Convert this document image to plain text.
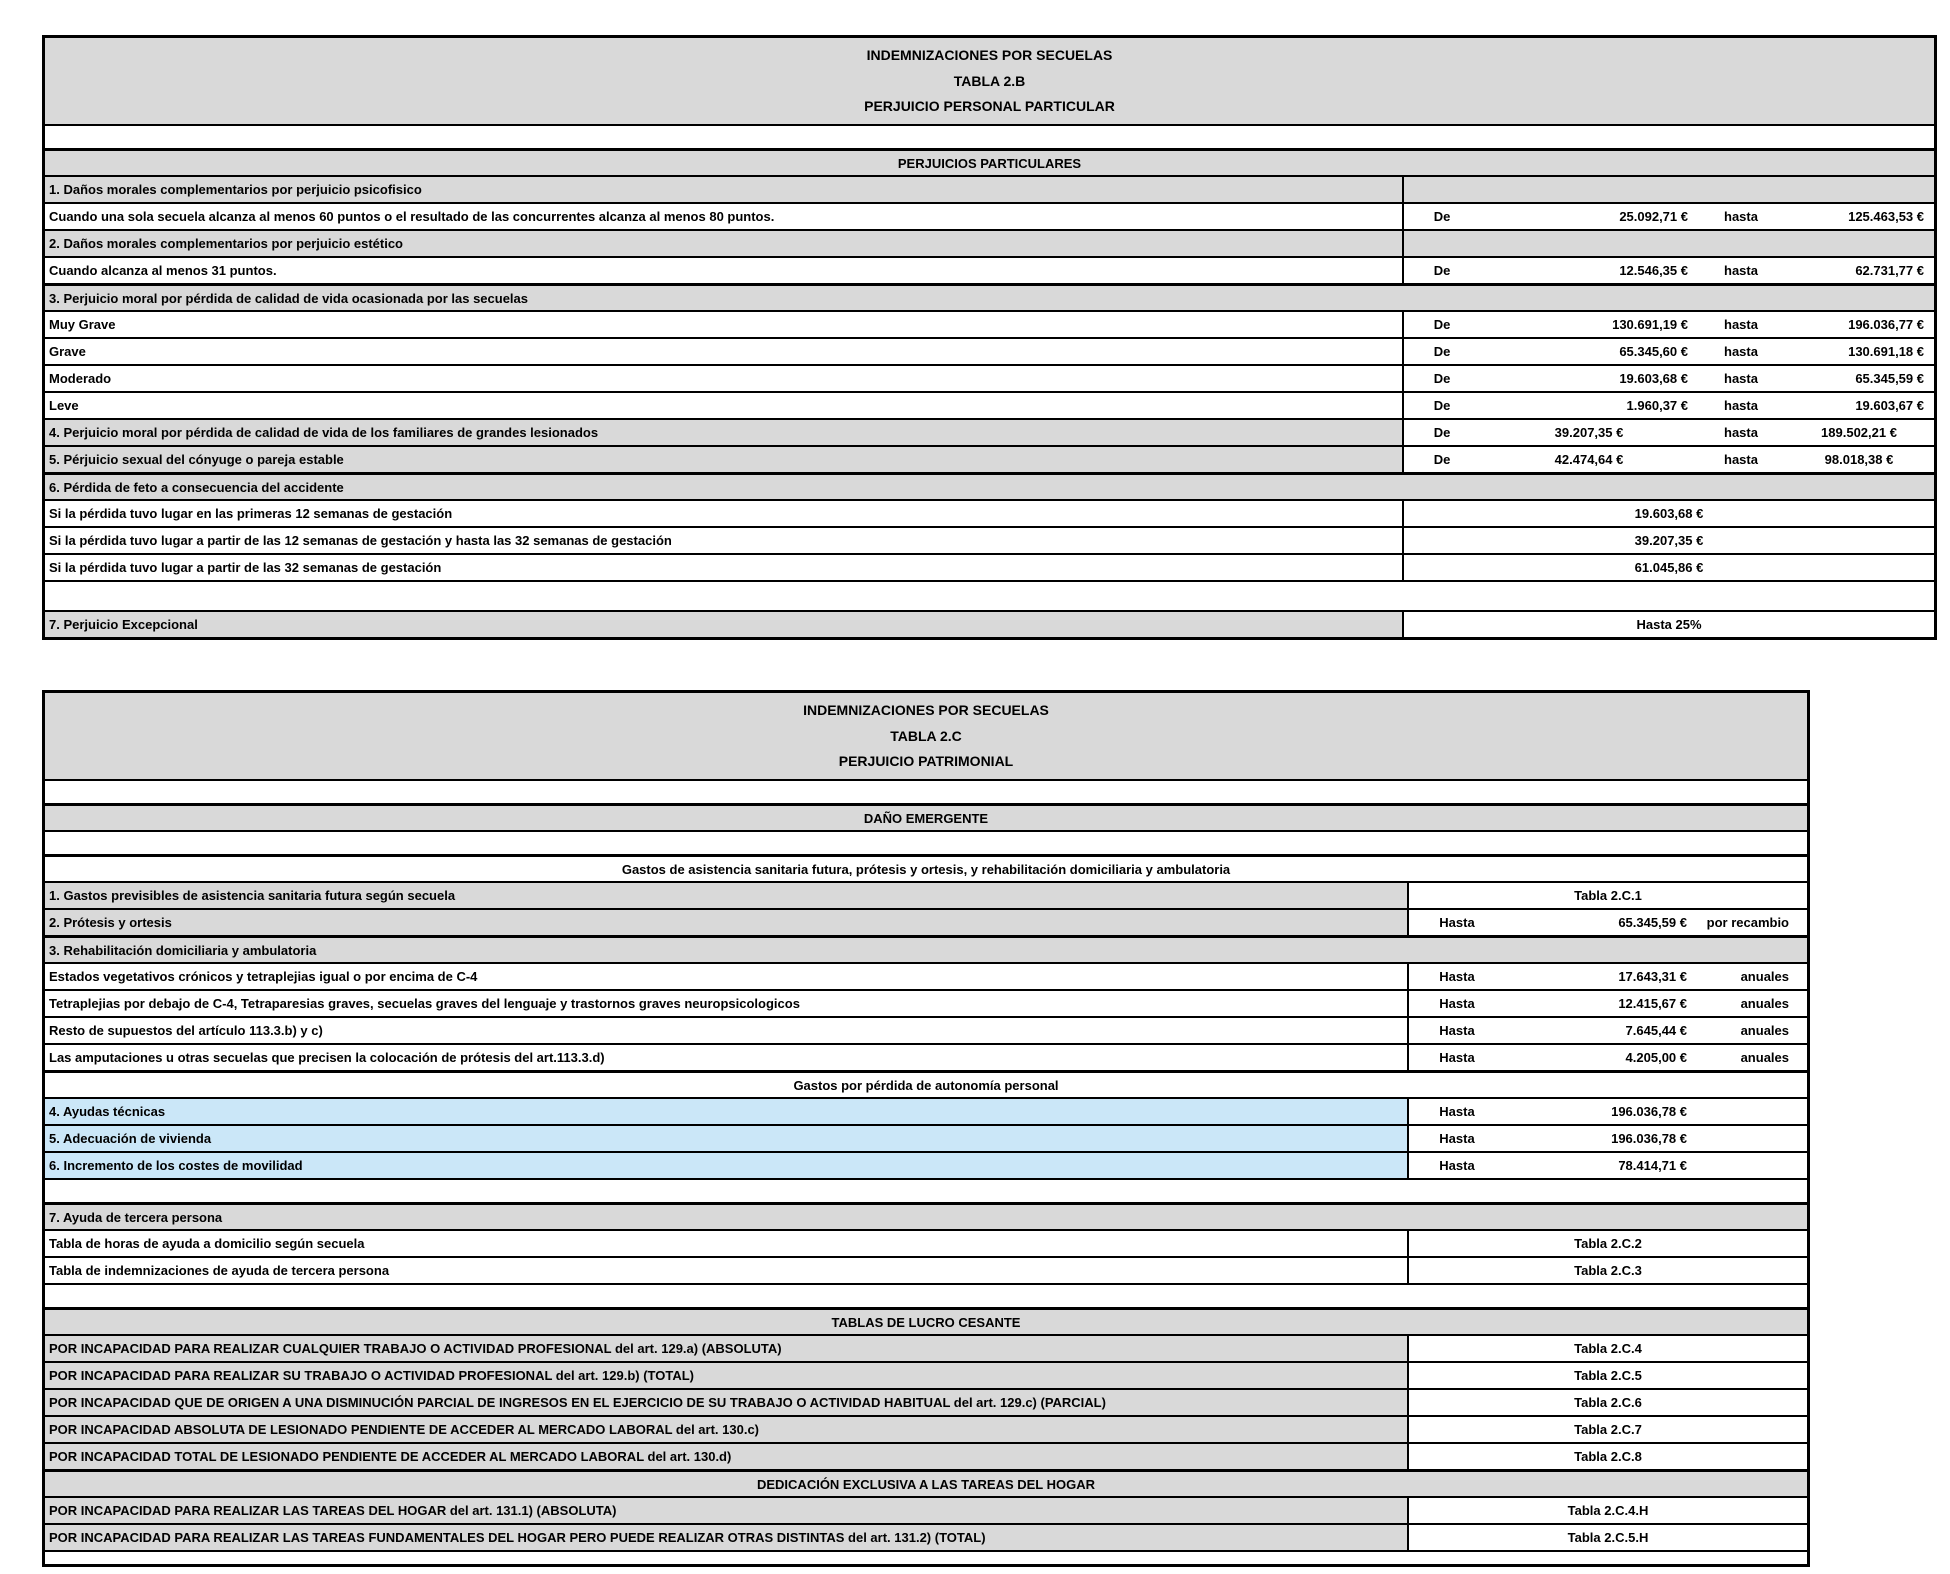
INDEMNIZACIONES POR SECUELAS
TABLA 2.B
PERJUICIO PERSONAL PARTICULAR
PERJUICIOS PARTICULARES
1. Daños morales complementarios por perjuicio psicofisico
Cuando una sola secuela alcanza al menos 60 puntos o el resultado de las concurrentes alcanza al menos 80 puntos.	De	25.092,71 €	hasta	125.463,53 €
2. Daños morales complementarios por perjuicio estético
Cuando alcanza al menos 31 puntos.	De	12.546,35 €	hasta	62.731,77 €
3. Perjuicio moral por pérdida de calidad de vida ocasionada por las secuelas
Muy Grave	De	130.691,19 €	hasta	196.036,77 €
Grave	De	65.345,60 €	hasta	130.691,18 €
Moderado	De	19.603,68 €	hasta	65.345,59 €
Leve	De	1.960,37 €	hasta	19.603,67 €
4. Perjuicio moral por pérdida de calidad de vida de los familiares de grandes lesionados	De	39.207,35 €	hasta	189.502,21 €
5. Pérjuicio sexual del cónyuge o pareja estable	De	42.474,64 €	hasta	98.018,38 €
6. Pérdida de feto a consecuencia del accidente
Si la pérdida tuvo lugar en las primeras 12 semanas de gestación	19.603,68 €
Si la pérdida tuvo lugar a partir de las 12 semanas de gestación y hasta las 32 semanas de gestación	39.207,35 €
Si la pérdida tuvo lugar a partir de las 32 semanas de gestación	61.045,86 €
7. Perjuicio Excepcional	Hasta 25%
INDEMNIZACIONES POR SECUELAS
TABLA 2.C
PERJUICIO PATRIMONIAL
DAÑO EMERGENTE
Gastos de asistencia sanitaria futura, prótesis y ortesis, y rehabilitación domiciliaria y ambulatoria
1. Gastos previsibles de asistencia sanitaria futura según secuela	Tabla 2.C.1
2. Prótesis y ortesis	Hasta	65.345,59 €	por recambio
3. Rehabilitación domiciliaria y ambulatoria
Estados vegetativos crónicos y tetraplejias igual o por encima de C-4	Hasta	17.643,31 €	anuales
Tetraplejias por debajo de C-4, Tetraparesias graves, secuelas graves del lenguaje y trastornos graves neuropsicologicos	Hasta	12.415,67 €	anuales
Resto de supuestos del artículo 113.3.b) y c)	Hasta	7.645,44 €	anuales
Las amputaciones u otras secuelas que precisen la colocación de prótesis del art.113.3.d)	Hasta	4.205,00 €	anuales
Gastos por pérdida de autonomía personal
4. Ayudas técnicas	Hasta	196.036,78 €
5. Adecuación de vivienda	Hasta	196.036,78 €
6. Incremento de los costes de movilidad	Hasta	78.414,71 €
7. Ayuda de tercera persona
Tabla de horas de ayuda a domicilio según secuela	Tabla 2.C.2
Tabla de indemnizaciones de ayuda de tercera persona	Tabla 2.C.3
TABLAS DE LUCRO CESANTE
POR INCAPACIDAD PARA REALIZAR CUALQUIER TRABAJO O ACTIVIDAD PROFESIONAL del art. 129.a) (ABSOLUTA)	Tabla 2.C.4
POR INCAPACIDAD PARA REALIZAR SU TRABAJO O ACTIVIDAD PROFESIONAL del art. 129.b) (TOTAL)	Tabla 2.C.5
POR INCAPACIDAD QUE DE ORIGEN A UNA DISMINUCIÓN PARCIAL DE INGRESOS EN EL EJERCICIO DE SU TRABAJO O ACTIVIDAD HABITUAL del art. 129.c) (PARCIAL)	Tabla 2.C.6
POR INCAPACIDAD ABSOLUTA DE LESIONADO PENDIENTE DE ACCEDER AL MERCADO LABORAL del art. 130.c)	Tabla 2.C.7
POR INCAPACIDAD TOTAL DE LESIONADO PENDIENTE DE ACCEDER AL MERCADO LABORAL del art. 130.d)	Tabla 2.C.8
DEDICACIÓN EXCLUSIVA A LAS TAREAS DEL HOGAR
POR INCAPACIDAD PARA REALIZAR LAS TAREAS DEL HOGAR del art. 131.1) (ABSOLUTA)	Tabla 2.C.4.H
POR INCAPACIDAD PARA REALIZAR LAS TAREAS FUNDAMENTALES DEL HOGAR PERO PUEDE REALIZAR OTRAS DISTINTAS del art. 131.2) (TOTAL)	Tabla 2.C.5.H
